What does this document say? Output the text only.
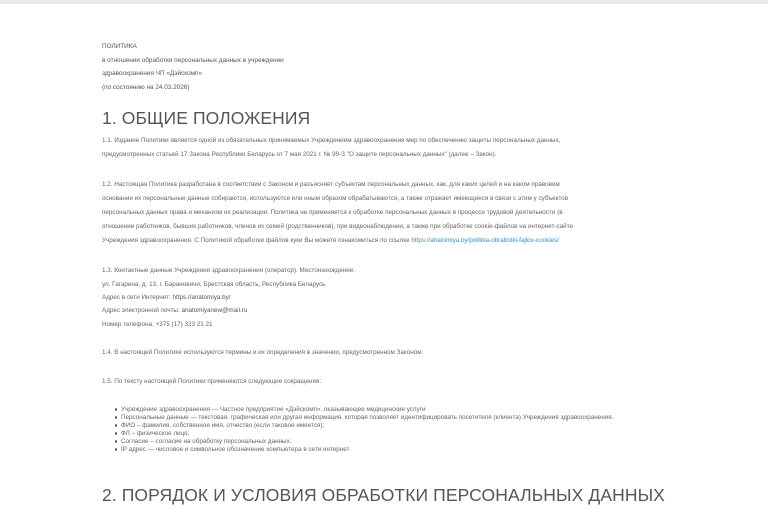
ПОЛИТИКА
в отношении обработки персональных данных в учреждении
здравоохранения ЧП «Дэйскомп»
(по состоянию на 24.03.2026)
1. ОБЩИЕ ПОЛОЖЕНИЯ
1.1. Издание Политики является одной из обязательных принимаемых Учреждением здравоохранения мер по обеспечению защиты персональных данных,
предусмотренных статьей 17 Закона Республики Беларусь от 7 мая 2021 г. № 99-З "О защите персональных данных" (далее – Закон).
1.2. Настоящая Политика разработана в соответствии с Законом и разъясняет субъектам персональных данных, как, для каких целей и на каком правовом
основании их персональные данные собираются, используются или иным образом обрабатываются, а также отражает имеющиеся в связи с этим у субъектов
персональных данных права и механизм их реализации. Политика не применяется к обработке персональных данных в процессе трудовой деятельности (в
отношении работников, бывших работников, членов их семей (родственников), при видеонаблюдении, а также при обработке cookie-файлов на интернет-сайте
Учреждения здравоохранения. С Политикой обработки файлов куки Вы можете ознакомиться по ссылке https://anatomiya.by/politika-obrabotki-fajlov-cookies/
1.3. Контактные данные Учреждения здравоохранения (оператор). Местонахождение:
ул. Гагарина, д. 13, г. Барановичи, Брестская область, Республика Беларусь
Адрес в сети Интернет: https://anatomiya.by/
Адрес электронной почты: anatomiyanew@mail.ru
Номер телефона: +375 (17) 323 21 21
1.4. В настоящей Политике используются термины и их определения в значении, предусмотренном Законом.
1.5. По тексту настоящей Политики применяются следующие сокращения:
Учреждение здравоохранения — Частное предприятие «Дэйскомп», оказывающее медицинские услуги
Персональные данные — текстовая, графическая или другая информация, которая позволяет идентифицировать посетителя (клиента) Учреждения здравоохранения.
ФИО – фамилия, собственное имя, отчество (если таковое имеется);
ФЛ – физическое лицо;
Согласие – согласие на обработку персональных данных.
IP адрес — числовое и символьное обозначение компьютера в сети интернет
2. ПОРЯДОК И УСЛОВИЯ ОБРАБОТКИ ПЕРСОНАЛЬНЫХ ДАННЫХ
